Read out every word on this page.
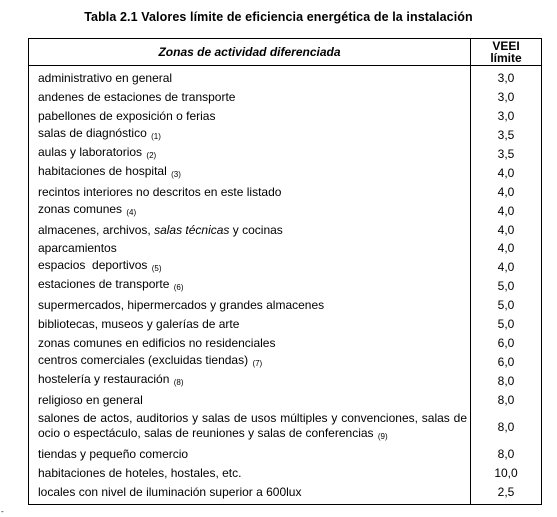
Tabla 2.1 Valores límite de eficiencia energética de la instalación
Zonas de actividad diferenciada	VEEI
límite
administrativo en general	3,0
andenes de estaciones de transporte	3,0
pabellones de exposición o ferias	3,0
salas de diagnóstico (1)	3,5
aulas y laboratorios (2)	3,5
habitaciones de hospital (3)	4,0
recintos interiores no descritos en este listado	4,0
zonas comunes (4)	4,0
almacenes, archivos, salas técnicas y cocinas	4,0
aparcamientos	4,0
espacios  deportivos (5)	4,0
estaciones de transporte (6)	5,0
supermercados, hipermercados y grandes almacenes	5,0
bibliotecas, museos y galerías de arte	5,0
zonas comunes en edificios no residenciales	6,0
centros comerciales (excluidas tiendas) (7)	6,0
hostelería y restauración (8)	8,0
religioso en general	8,0
salones de actos, auditorios y salas de usos múltiples y convenciones, salas de ocio o espectáculo, salas de reuniones y salas de conferencias (9)	8,0
tiendas y pequeño comercio	8,0
habitaciones de hoteles, hostales, etc.	10,0
locales con nivel de iluminación superior a 600lux	2,5
-
